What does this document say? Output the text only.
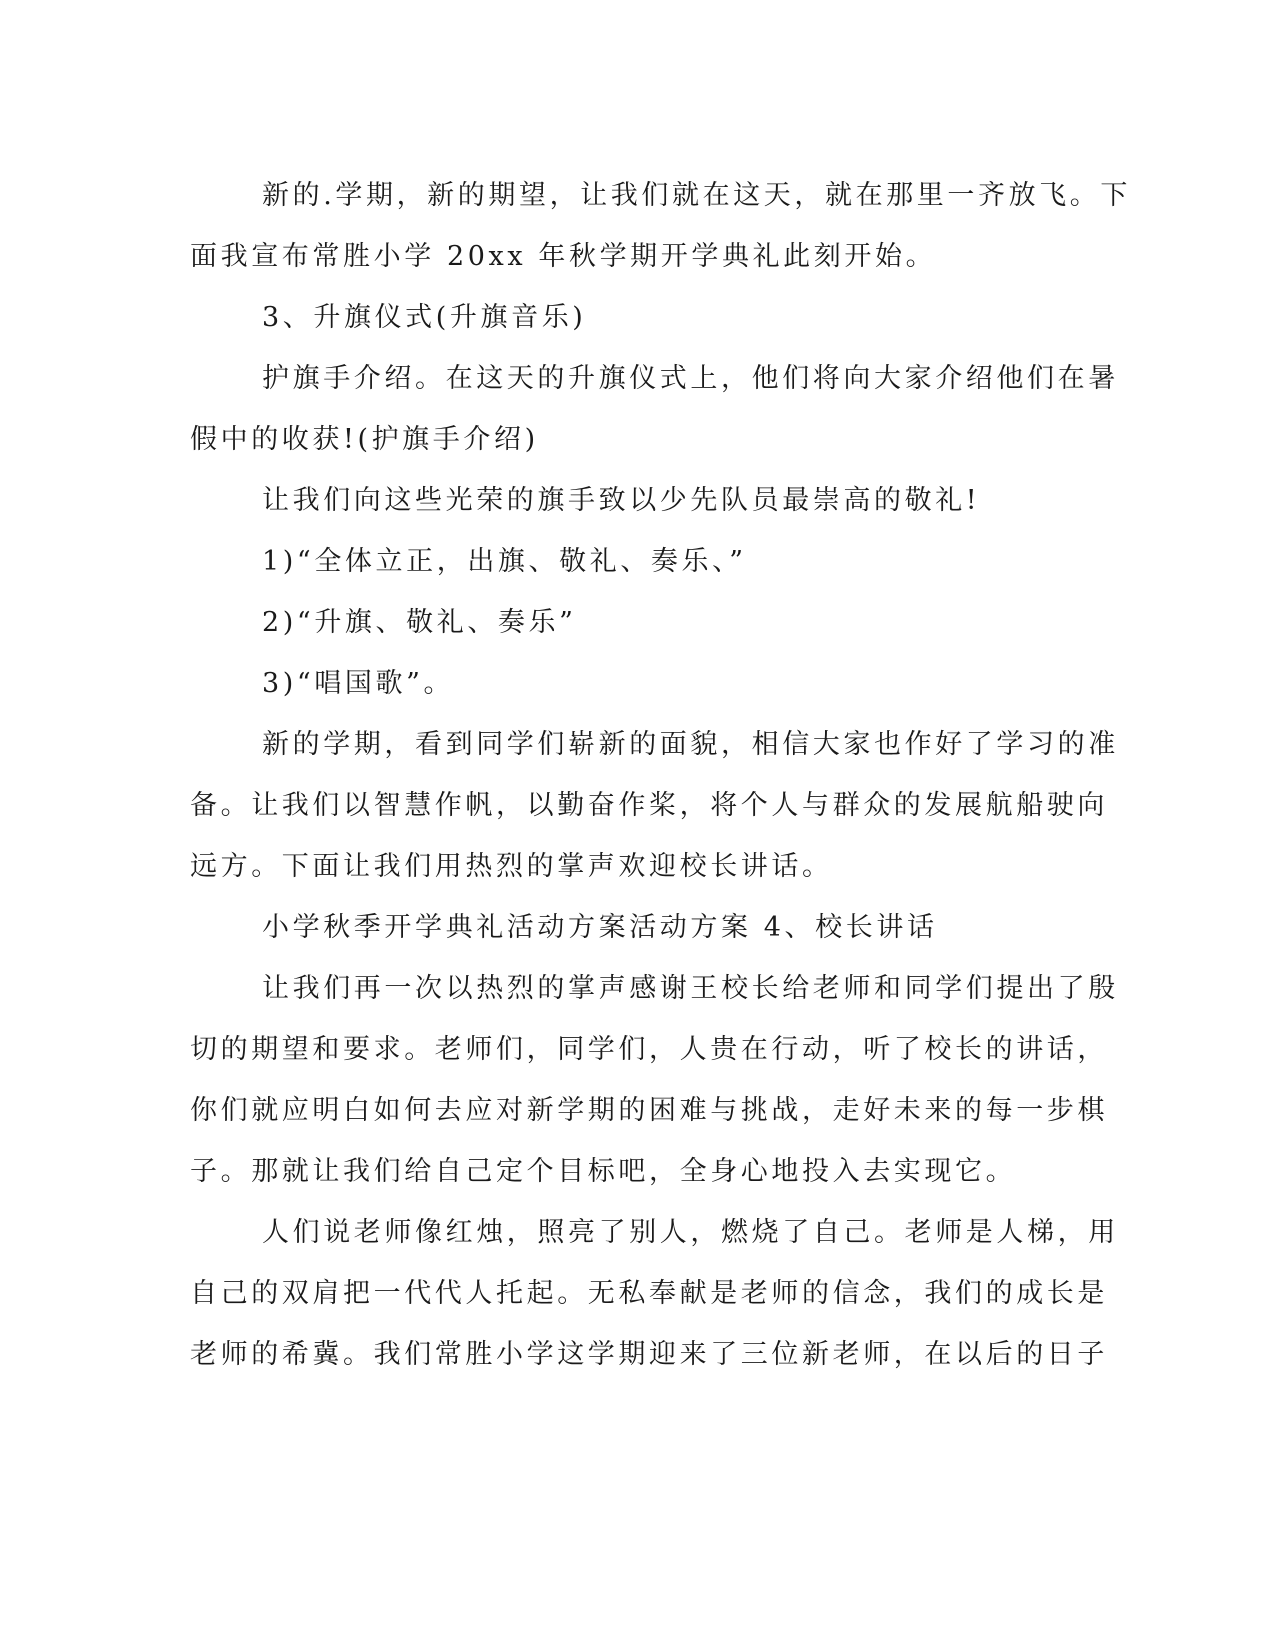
新的.学期，新的期望，让我们就在这天，就在那里一齐放飞。下
面我宣布常胜小学 20xx 年秋学期开学典礼此刻开始。

3、升旗仪式(升旗音乐)

护旗手介绍。在这天的升旗仪式上，他们将向大家介绍他们在暑
假中的收获!(护旗手介绍)

让我们向这些光荣的旗手致以少先队员最崇高的敬礼!

1)“全体立正，出旗、敬礼、奏乐、”

2)“升旗、敬礼、奏乐”

3)“唱国歌”。

新的学期，看到同学们崭新的面貌，相信大家也作好了学习的准
备。让我们以智慧作帆，以勤奋作桨，将个人与群众的发展航船驶向
远方。下面让我们用热烈的掌声欢迎校长讲话。

小学秋季开学典礼活动方案活动方案 4、校长讲话

让我们再一次以热烈的掌声感谢王校长给老师和同学们提出了殷
切的期望和要求。老师们，同学们，人贵在行动，听了校长的讲话，
你们就应明白如何去应对新学期的困难与挑战，走好未来的每一步棋
子。那就让我们给自己定个目标吧，全身心地投入去实现它。

人们说老师像红烛，照亮了别人，燃烧了自己。老师是人梯，用
自己的双肩把一代代人托起。无私奉献是老师的信念，我们的成长是
老师的希冀。我们常胜小学这学期迎来了三位新老师，在以后的日子
